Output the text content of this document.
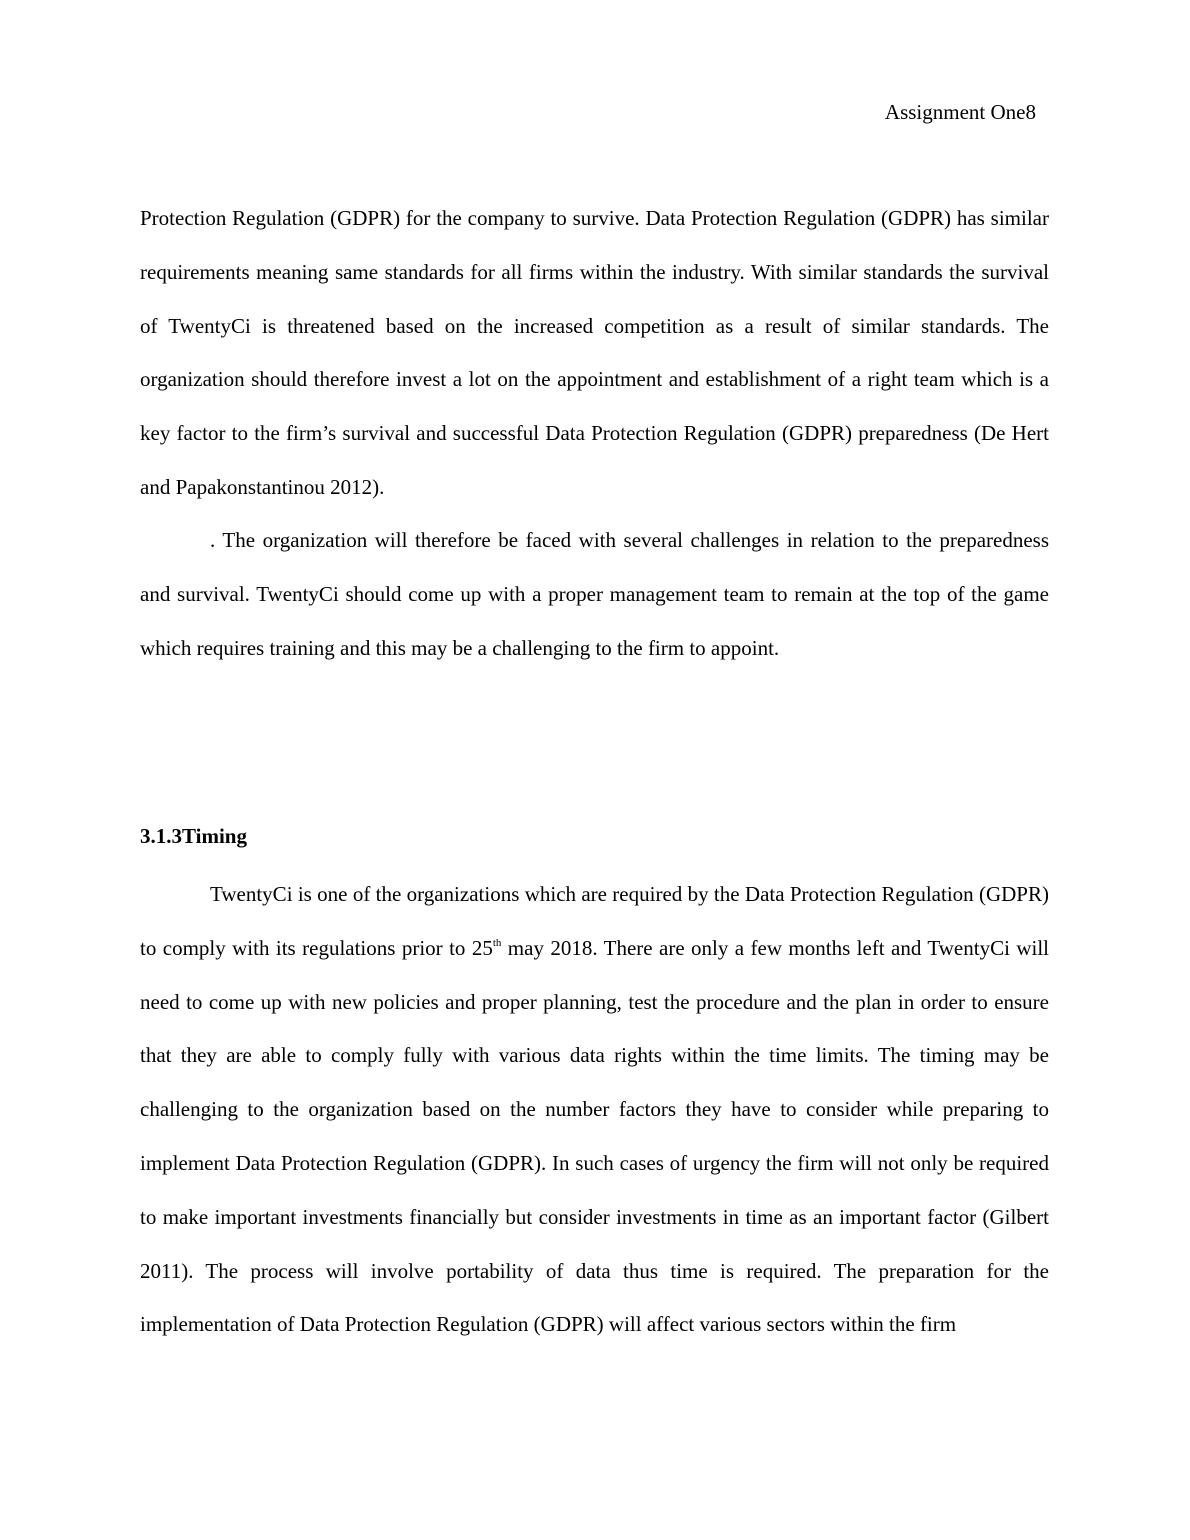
Assignment One8

Protection Regulation (GDPR) for the company to survive. Data Protection Regulation (GDPR) has similar requirements meaning same standards for all firms within the industry. With similar standards the survival of TwentyCi is threatened based on the increased competition as a result of similar standards. The organization should therefore invest a lot on the appointment and establishment of a right team which is a key factor to the firm’s survival and successful Data Protection Regulation (GDPR) preparedness (De Hert and Papakonstantinou 2012).

. The organization will therefore be faced with several challenges in relation to the preparedness and survival. TwentyCi should come up with a proper management team to remain at the top of the game which requires training and this may be a challenging to the firm to appoint.

3.1.3Timing

TwentyCi is one of the organizations which are required by the Data Protection Regulation (GDPR) to comply with its regulations prior to 25th may 2018. There are only a few months left and TwentyCi will need to come up with new policies and proper planning, test the procedure and the plan in order to ensure that they are able to comply fully with various data rights within the time limits. The timing may be challenging to the organization based on the number factors they have to consider while preparing to implement Data Protection Regulation (GDPR). In such cases of urgency the firm will not only be required to make important investments financially but consider investments in time as an important factor (Gilbert 2011). The process will involve portability of data thus time is required. The preparation for the implementation of Data Protection Regulation (GDPR) will affect various sectors within the firm
